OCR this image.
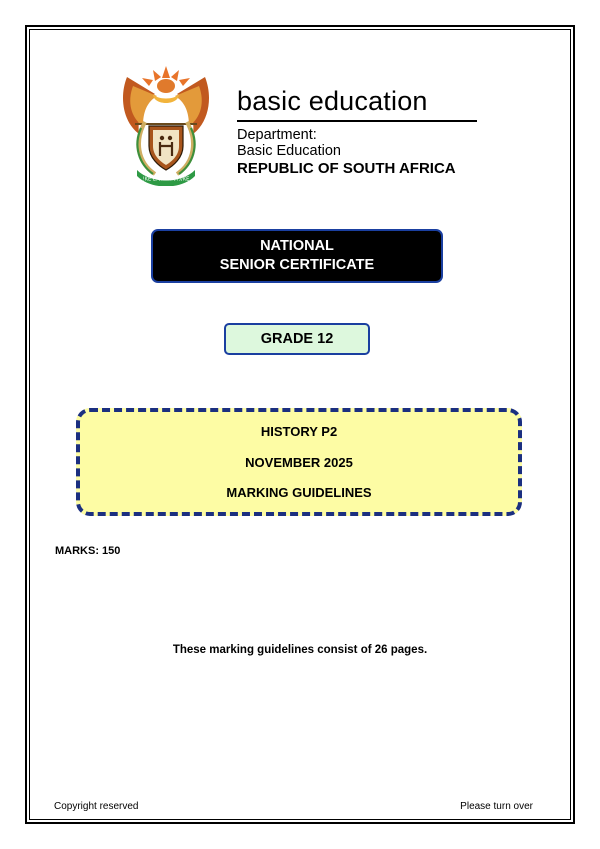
!KE E: /XARRA //KE
basic education
Department:
Basic Education
REPUBLIC OF SOUTH AFRICA
NATIONAL
SENIOR CERTIFICATE
GRADE 12
HISTORY P2
NOVEMBER 2025
MARKING GUIDELINES
MARKS: 150
These marking guidelines consist of 26 pages.
Copyright reserved	Please turn over
